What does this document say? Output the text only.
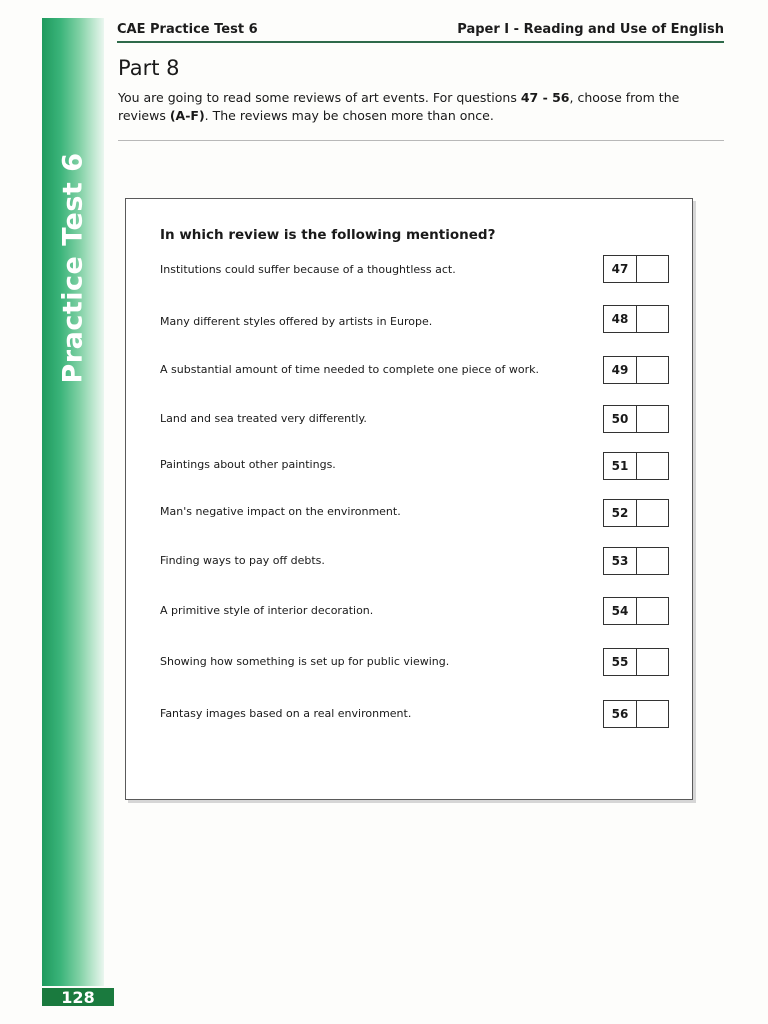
Practice Test 6
CAE Practice Test 6	Paper I - Reading and Use of English
Part 8
You are going to read some reviews of art events. For questions 47 - 56, choose from the reviews (A-F). The reviews may be chosen more than once.
In which review is the following mentioned?
Institutions could suffer because of a thoughtless act.	47
Many different styles offered by artists in Europe.	48
A substantial amount of time needed to complete one piece of work.	49
Land and sea treated very differently.	50
Paintings about other paintings.	51
Man's negative impact on the environment.	52
Finding ways to pay off debts.	53
A primitive style of interior decoration.	54
Showing how something is set up for public viewing.	55
Fantasy images based on a real environment.	56
128
